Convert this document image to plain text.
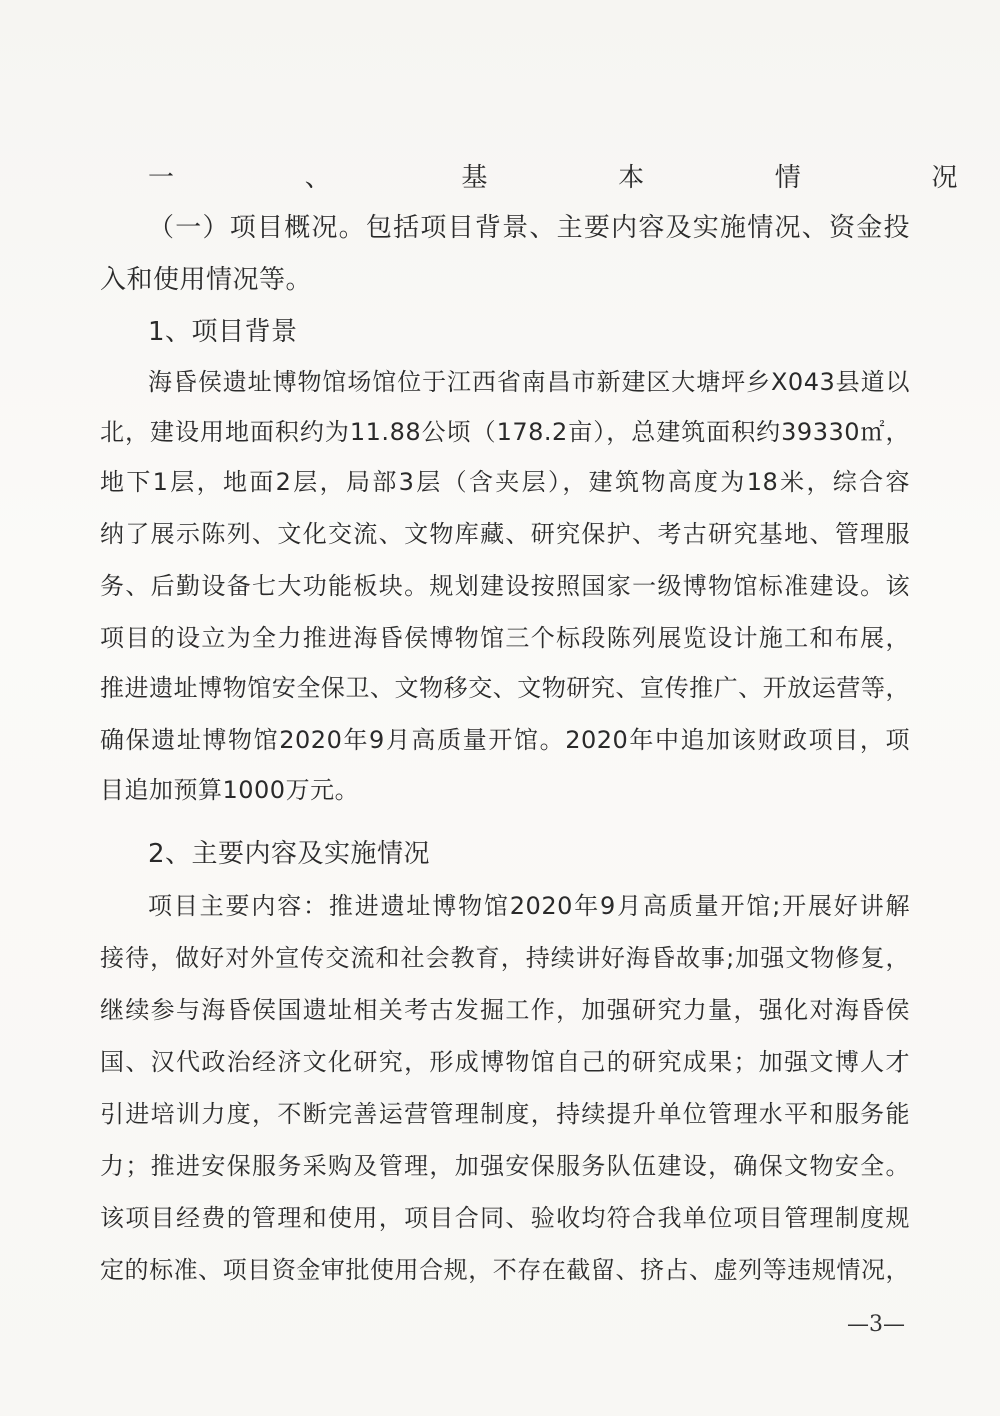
一、基本情况
（一）项目概况。包括项目背景、主要内容及实施情况、资金投
入和使用情况等。
1、项目背景
海昏侯遗址博物馆场馆位于江西省南昌市新建区大塘坪乡X043县道以
北，建设用地面积约为11.88公顷（178.2亩），总建筑面积约39330㎡，
地下1层，地面2层，局部3层（含夹层），建筑物高度为18米，综合容
纳了展示陈列、文化交流、文物库藏、研究保护、考古研究基地、管理服
务、后勤设备七大功能板块。规划建设按照国家一级博物馆标准建设。该
项目的设立为全力推进海昏侯博物馆三个标段陈列展览设计施工和布展，
推进遗址博物馆安全保卫、文物移交、文物研究、宣传推广、开放运营等，
确保遗址博物馆2020年9月高质量开馆。2020年中追加该财政项目，项
目追加预算1000万元。
2、主要内容及实施情况
项目主要内容：推进遗址博物馆2020年9月高质量开馆;开展好讲解
接待，做好对外宣传交流和社会教育，持续讲好海昏故事;加强文物修复，
继续参与海昏侯国遗址相关考古发掘工作，加强研究力量，强化对海昏侯
国、汉代政治经济文化研究，形成博物馆自己的研究成果；加强文博人才
引进培训力度，不断完善运营管理制度，持续提升单位管理水平和服务能
力；推进安保服务采购及管理，加强安保服务队伍建设，确保文物安全。
该项目经费的管理和使用，项目合同、验收均符合我单位项目管理制度规
定的标准、项目资金审批使用合规，不存在截留、挤占、虚列等违规情况，
—3—
